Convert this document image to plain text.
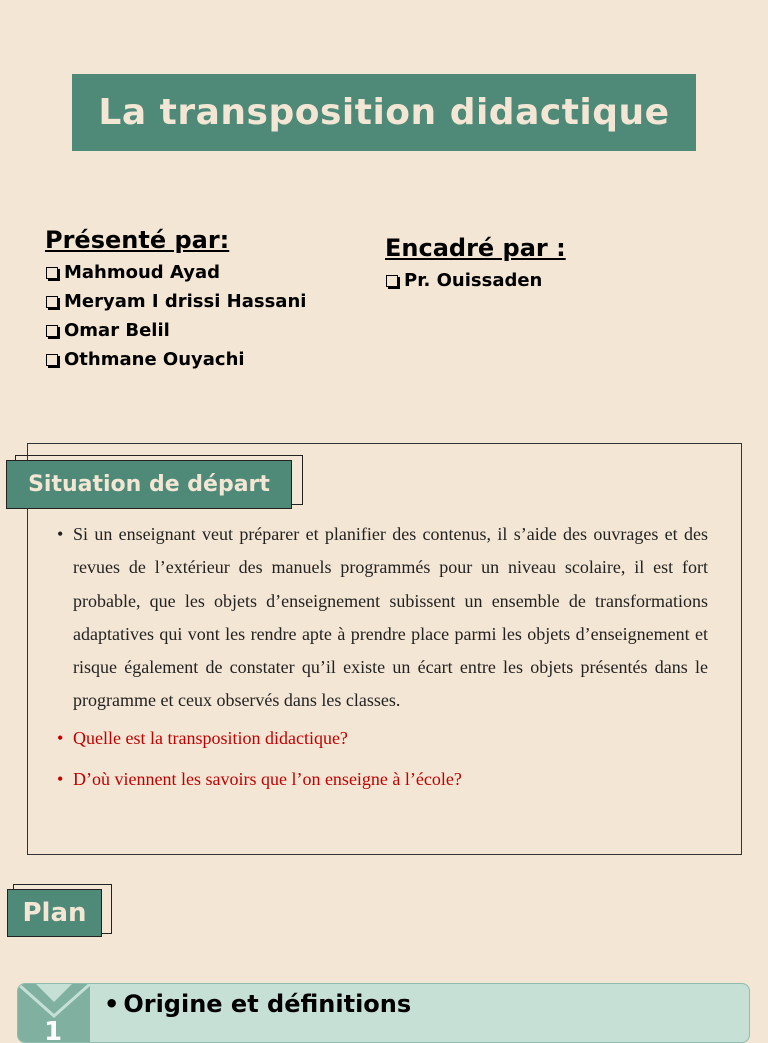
La transposition didactique
Présenté par:
Mahmoud Ayad
Meryam I drissi Hassani
Omar Belil
Othmane Ouyachi
Encadré par :
Pr. Ouissaden
Situation de départ
• Si un enseignant veut préparer et planifier des contenus, il s’aide des ouvrages et des revues de l’extérieur des manuels programmés pour un niveau scolaire, il est fort probable, que les objets d’enseignement subissent un ensemble de transformations adaptatives qui vont les rendre apte à prendre place parmi les objets d’enseignement et risque également de constater qu’il existe un écart entre les objets présentés dans le programme et ceux observés dans les classes.
• Quelle est la transposition didactique?
• D’où viennent les savoirs que l’on enseigne à l’école?
Plan
1
• Origine et définitions
